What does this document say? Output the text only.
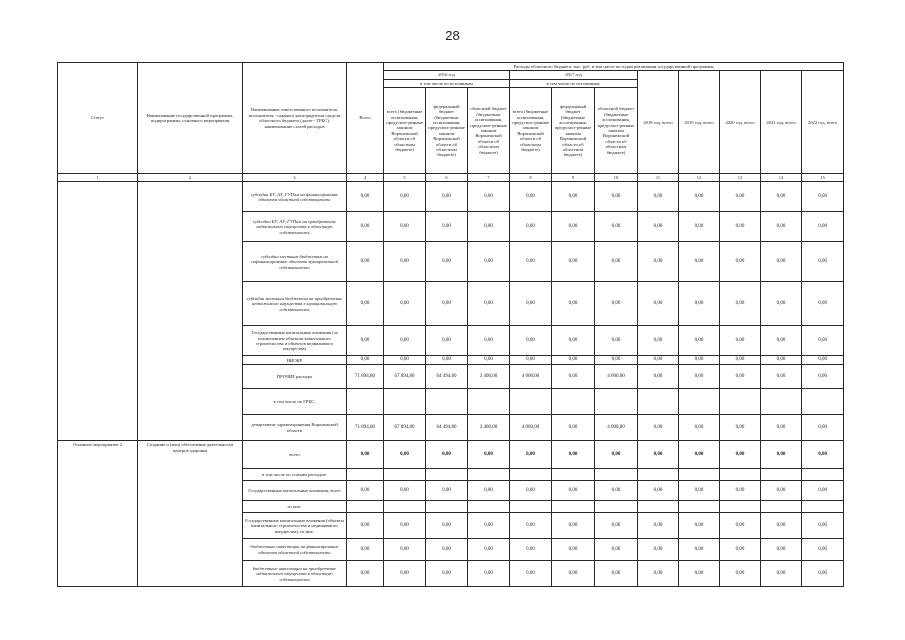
28
Статус	Наименование государственной программы, подпрограммы, основного мероприятия	Наименование ответственного исполнителя, исполнителя - главного распорядителя средств областного бюджета (далее - ГРБС), наименование статей расходов	Всего	Расходы областного бюджета, тыс. руб. в том числе по годам реализации государственной программы										
				2016 год			2017 год			2018 год, всего	2019 год, всего	2020 год, всего	2021 год, всего	2022 год, всего
				в том числе по источникам			в том числе по источникам:							
				всего (бюджетные ассигнования, предусмот-ренные законом Воронежской области об областном бюджете)	федеральный бюджет (бюджетные ассигнования, предусмот-ренные законом Воронежской области об областном бюджете)	областной бюджет (бюджетные ассигнования, предусмот-ренные законом Воронежской области об областном бюджете)	всего (бюджетные ассигнования, предусмот-ренные законом Воронежской области об областном бюджете)	федеральный бюджет (бюджетные ассигнования, предусмот-ренные законом Воронежской области об областном бюджете)	областной бюджет (бюджетные ассигнования, предусмот-ренные законом Воронежской области об областном бюджете)					
1	2	3	4	5	6	7	8	9	10	11	12	13	14	15
		субсидии БУ, АУ, ГУПам на финансирование объектов областной собственности	0,00	0,00	0,00	0,00	0,00	0,00	0,00	0,00	0,00	0,00	0,00	0,00
		субсидии БУ, АУ, ГУПам на приобретение недвижимого имущества в областную собственность	0,00	0,00	0,00	0,00	0,00	0,00	0,00	0,00	0,00	0,00	0,00	0,00
		субсидии местным бюджетам на софинансирование объектов муниципальной собственности	0,00	0,00	0,00	0,00	0,00	0,00	0,00	0,00	0,00	0,00	0,00	0,00
		субсидии местным бюджетам на приобретение недвижимого имущества в муниципальную собственность	0,00	0,00	0,00	0,00	0,00	0,00	0,00	0,00	0,00	0,00	0,00	0,00
		Государственные капитальные вложения (за исключением объектов капитального строительства и объектов недвижимого имущества)	0,00	0,00	0,00	0,00	0,00	0,00	0,00	0,00	0,00	0,00	0,00	0,00
		НИОКР	0,00	0,00	0,00	0,00	0,00	0,00	0,00	0,00	0,00	0,00	0,00	0,00
		ПРОЧИЕ расходы	71 894,80	67 894,80	64 494,80	3 400,00	4 000,00	0,00	4 000,00	0,00	0,00	0,00	0,00	0,00
		в том числе по ГРБС:												
		департамент здравоохранения Воронежской области	71 894,80	67 894,80	64 494,80	3 400,00	4 000,00	0,00	4 000,00	0,00	0,00	0,00	0,00	0,00
Основное мероприятие 2	Создание и (или) обеспечение деятельности центров здоровья	всего	0,00	0,00	0,00	0,00	0,00	0,00	0,00	0,00	0,00	0,00	0,00	0,00
		в том числе по статьям расходов:												
		Государственные капитальные вложения, всего	0,00	0,00	0,00	0,00	0,00	0,00	0,00	0,00	0,00	0,00	0,00	0,00
		из них:												
		Государственные капитальные вложения (объекты капитального строительства и недвижимого имущества), из них:	0,00	0,00	0,00	0,00	0,00	0,00	0,00	0,00	0,00	0,00	0,00	0,00
		бюджетные инвестиции на финансирование объектов областной собственности	0,00	0,00	0,00	0,00	0,00	0,00	0,00	0,00	0,00	0,00	0,00	0,00
		бюджетные инвестиции на приобретение недвижимого имущества в областную собственность	0,00	0,00	0,00	0,00	0,00	0,00	0,00	0,00	0,00	0,00	0,00	0,00
